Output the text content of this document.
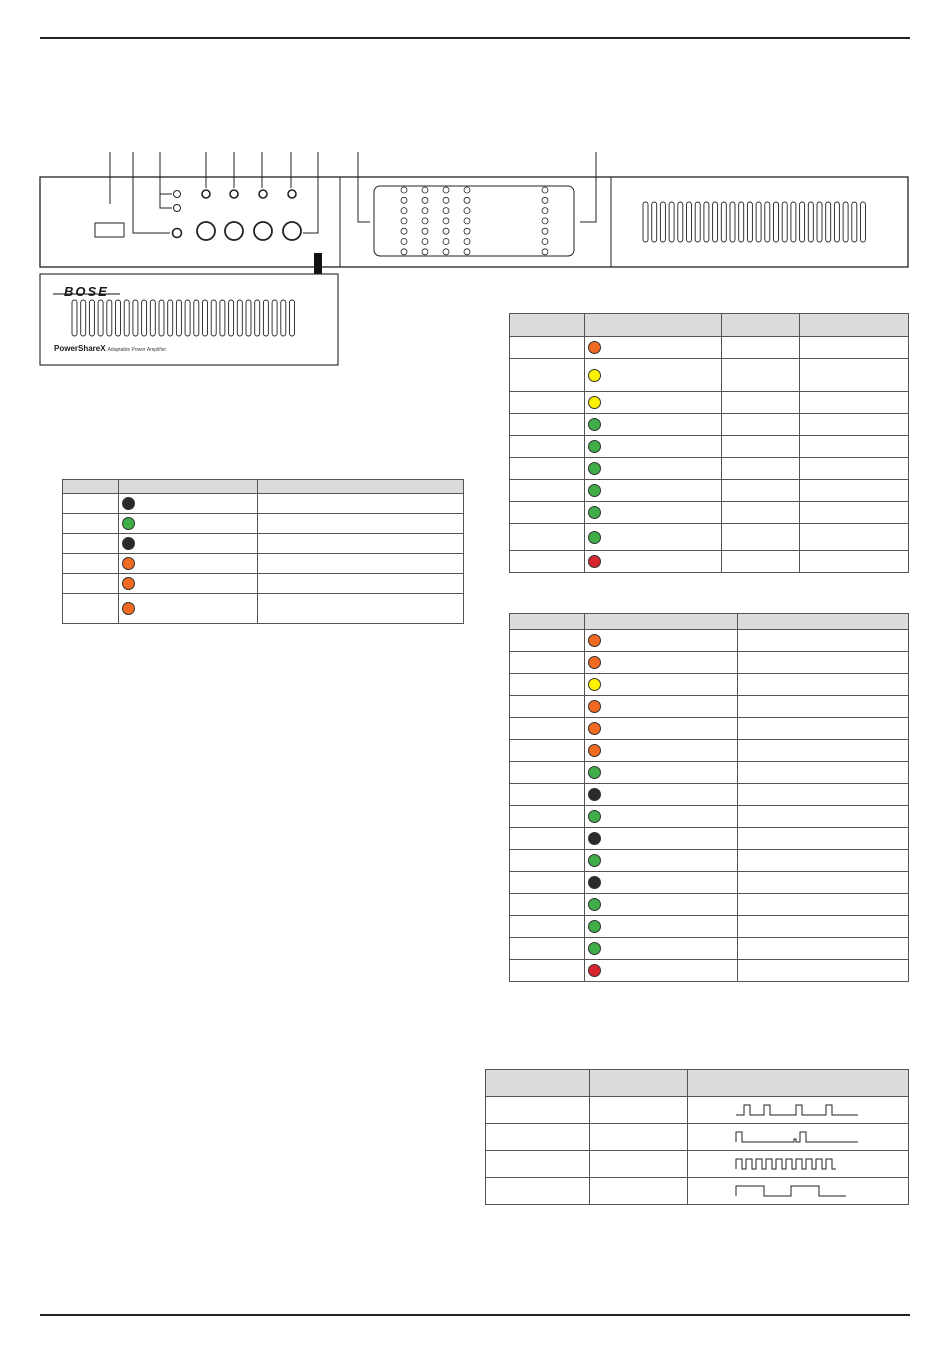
BOSE
PowerShareX Adaptable Power Amplifier
